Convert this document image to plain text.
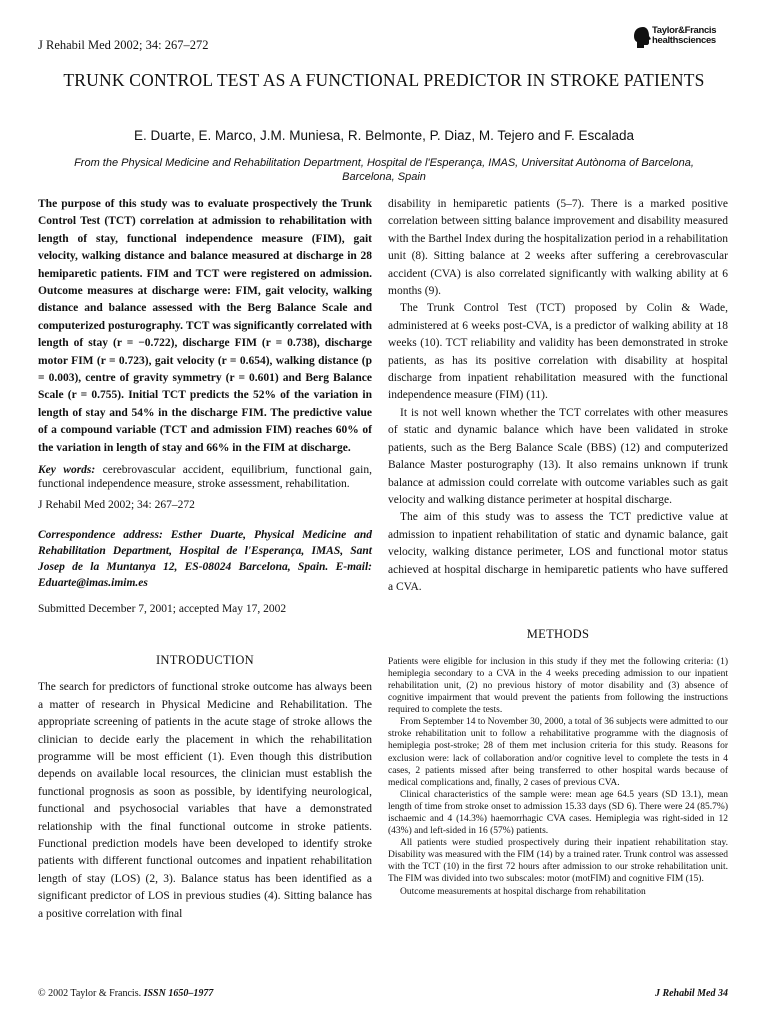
J Rehabil Med 2002; 34: 267–272
Taylor&Francis
healthsciences
TRUNK CONTROL TEST AS A FUNCTIONAL PREDICTOR IN STROKE PATIENTS
E. Duarte, E. Marco, J.M. Muniesa, R. Belmonte, P. Diaz, M. Tejero and F. Escalada
From the Physical Medicine and Rehabilitation Department, Hospital de l'Esperança, IMAS, Universitat Autònoma of Barcelona, Barcelona, Spain

The purpose of this study was to evaluate prospectively the Trunk Control Test (TCT) correlation at admission to rehabilitation with length of stay, functional independence measure (FIM), gait velocity, walking distance and balance measured at discharge in 28 hemiparetic patients. FIM and TCT were registered on admission. Outcome measures at discharge were: FIM, gait velocity, walking distance and balance assessed with the Berg Balance Scale and computerized posturography. TCT was significantly correlated with length of stay (r = −0.722), discharge FIM (r = 0.738), discharge motor FIM (r = 0.723), gait velocity (r = 0.654), walking distance (p = 0.003), centre of gravity symmetry (r = 0.601) and Berg Balance Scale (r = 0.755). Initial TCT predicts the 52% of the variation in length of stay and 54% in the discharge FIM. The predictive value of a compound variable (TCT and admission FIM) reaches 60% of the variation in length of stay and 66% in the FIM at discharge.

Key words: cerebrovascular accident, equilibrium, functional gain, functional independence measure, stroke assessment, rehabilitation.

J Rehabil Med 2002; 34: 267–272

Correspondence address: Esther Duarte, Physical Medicine and Rehabilitation Department, Hospital de l'Esperança, IMAS, Sant Josep de la Muntanya 12, ES-08024 Barcelona, Spain. E-mail: Eduarte@imas.imim.es

Submitted December 7, 2001; accepted May 17, 2002

INTRODUCTION

The search for predictors of functional stroke outcome has always been a matter of research in Physical Medicine and Rehabilitation. The appropriate screening of patients in the acute stage of stroke allows the clinician to decide early the placement in which the rehabilitation programme will be most efficient (1). Even though this distribution depends on available local resources, the clinician must establish the functional prognosis as soon as possible, by identifying neurological, functional and psychosocial variables that have a demonstrated relationship with the final functional outcome in stroke patients. Functional prediction models have been developed to identify stroke patients with different functional outcomes and inpatient rehabilitation length of stay (LOS) (2, 3). Balance status has been identified as a significant predictor of LOS in previous studies (4). Sitting balance has a positive correlation with final

disability in hemiparetic patients (5–7). There is a marked positive correlation between sitting balance improvement and disability measured with the Barthel Index during the hospitalization period in a rehabilitation unit (8). Sitting balance at 2 weeks after suffering a cerebrovascular accident (CVA) is also correlated significantly with walking ability at 6 months (9).

The Trunk Control Test (TCT) proposed by Colin & Wade, administered at 6 weeks post-CVA, is a predictor of walking ability at 18 weeks (10). TCT reliability and validity has been demonstrated in stroke patients, as has its positive correlation with disability at hospital discharge from inpatient rehabilitation measured with the functional independence measure (FIM) (11).

It is not well known whether the TCT correlates with other measures of static and dynamic balance which have been validated in stroke patients, such as the Berg Balance Scale (BBS) (12) and computerized Balance Master posturography (13). It also remains unknown if trunk balance at admission could correlate with outcome variables such as gait velocity and walking distance perimeter at hospital discharge.

The aim of this study was to assess the TCT predictive value at admission to inpatient rehabilitation of static and dynamic balance, gait velocity, walking distance perimeter, LOS and functional motor status achieved at hospital discharge in hemiparetic patients who have suffered a CVA.

METHODS

Patients were eligible for inclusion in this study if they met the following criteria: (1) hemiplegia secondary to a CVA in the 4 weeks preceding admission to our inpatient rehabilitation unit, (2) no previous history of motor disability and (3) absence of cognitive impairment that would prevent the patients from following the instructions required to complete the tests.

From September 14 to November 30, 2000, a total of 36 subjects were admitted to our stroke rehabilitation unit to follow a rehabilitative programme with the diagnosis of hemiplegia post-stroke; 28 of them met inclusion criteria for this study. Reasons for exclusion were: lack of collaboration and/or cognitive level to complete the tests in 4 cases, 2 patients missed after being transferred to other hospital wards because of medical complications and, finally, 2 cases of previous CVA.

Clinical characteristics of the sample were: mean age 64.5 years (SD 13.1), mean length of time from stroke onset to admission 15.33 days (SD 6). There were 24 (85.7%) ischaemic and 4 (14.3%) haemorrhagic CVA cases. Hemiplegia was right-sided in 12 (43%) and left-sided in 16 (57%) patients.

All patients were studied prospectively during their inpatient rehabilitation stay. Disability was measured with the FIM (14) by a trained rater. Trunk control was assessed with the TCT (10) in the first 72 hours after admission to our stroke rehabilitation unit. The FIM was divided into two subscales: motor (motFIM) and cognitive FIM (15).

Outcome measurements at hospital discharge from rehabilitation

© 2002 Taylor & Francis. ISSN 1650–1977	J Rehabil Med 34
